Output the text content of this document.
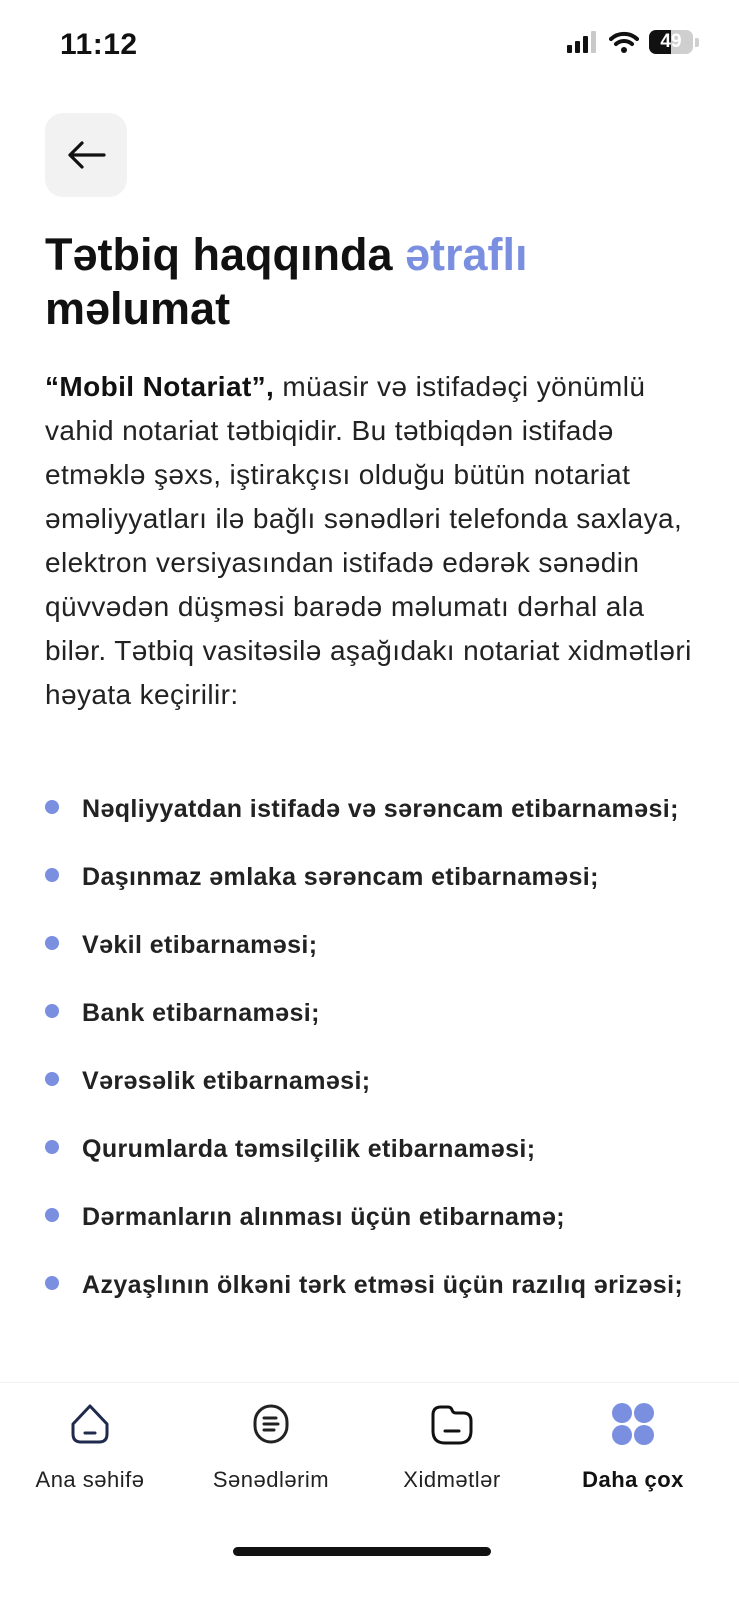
11:12	49
Tətbiq haqqında ətraflı
məlumat

“Mobil Notariat”, müasir və istifadəçi yönümlü vahid notariat tətbiqidir. Bu tətbiqdən istifadə etməklə şəxs, iştirakçısı olduğu bütün notariat əməliyyatları ilə bağlı sənədləri telefonda saxlaya, elektron versiyasından istifadə edərək sənədin qüvvədən düşməsi barədə məlumatı dərhal ala bilər. Tətbiq vasitəsilə aşağıdakı notariat xidmətləri həyata keçirilir:

Nəqliyyatdan istifadə və sərəncam etibarnaməsi;
Daşınmaz əmlaka sərəncam etibarnaməsi;
Vəkil etibarnaməsi;
Bank etibarnaməsi;
Vərəsəlik etibarnaməsi;
Qurumlarda təmsilçilik etibarnaməsi;
Dərmanların alınması üçün etibarnamə;
Azyaşlının ölkəni tərk etməsi üçün razılıq ərizəsi;
Ana səhifə	Sənədlərim	Xidmətlər	Daha çox
